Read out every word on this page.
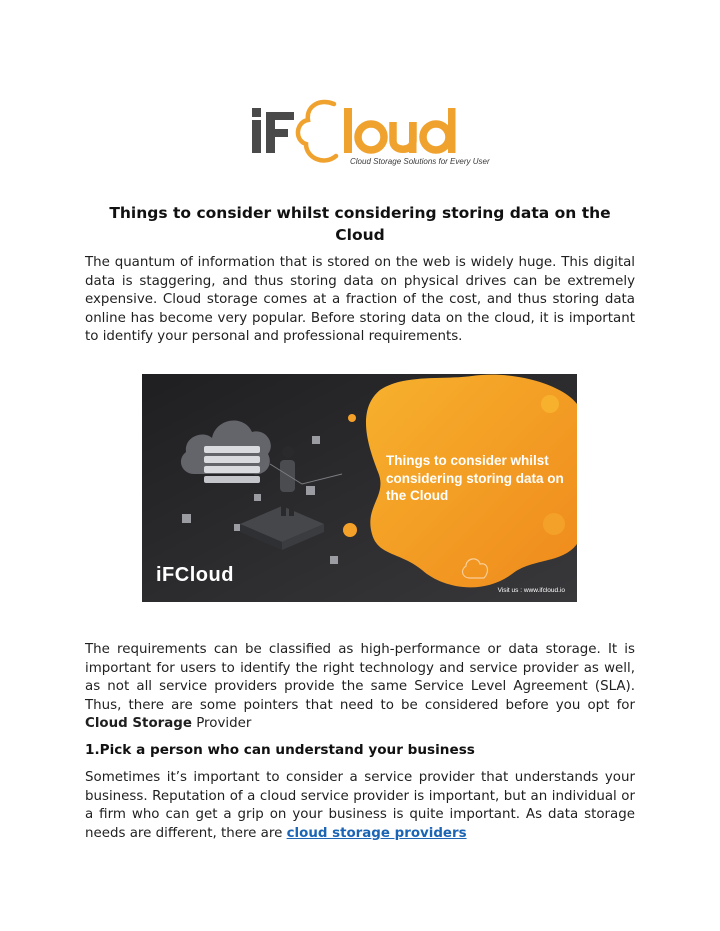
Cloud Storage Solutions for Every User
Things to consider whilst considering storing data on the Cloud

The quantum of information that is stored on the web is widely huge. This digital data is staggering, and thus storing data on physical drives can be extremely expensive. Cloud storage comes at a fraction of the cost, and thus storing data online has become very popular. Before storing data on the cloud, it is important to identify your personal and professional requirements.

Things to consider whilst considering storing data on the Cloud
iFCloud
Visit us : www.ifcloud.io

The requirements can be classified as high-performance or data storage. It is important for users to identify the right technology and service provider as well, as not all service providers provide the same Service Level Agreement (SLA). Thus, there are some pointers that need to be considered before you opt for Cloud Storage Provider

1.Pick a person who can understand your business

Sometimes it’s important to consider a service provider that understands your business. Reputation of a cloud service provider is important, but an individual or a firm who can get a grip on your business is quite important. As data storage needs are different, there are cloud storage providers
